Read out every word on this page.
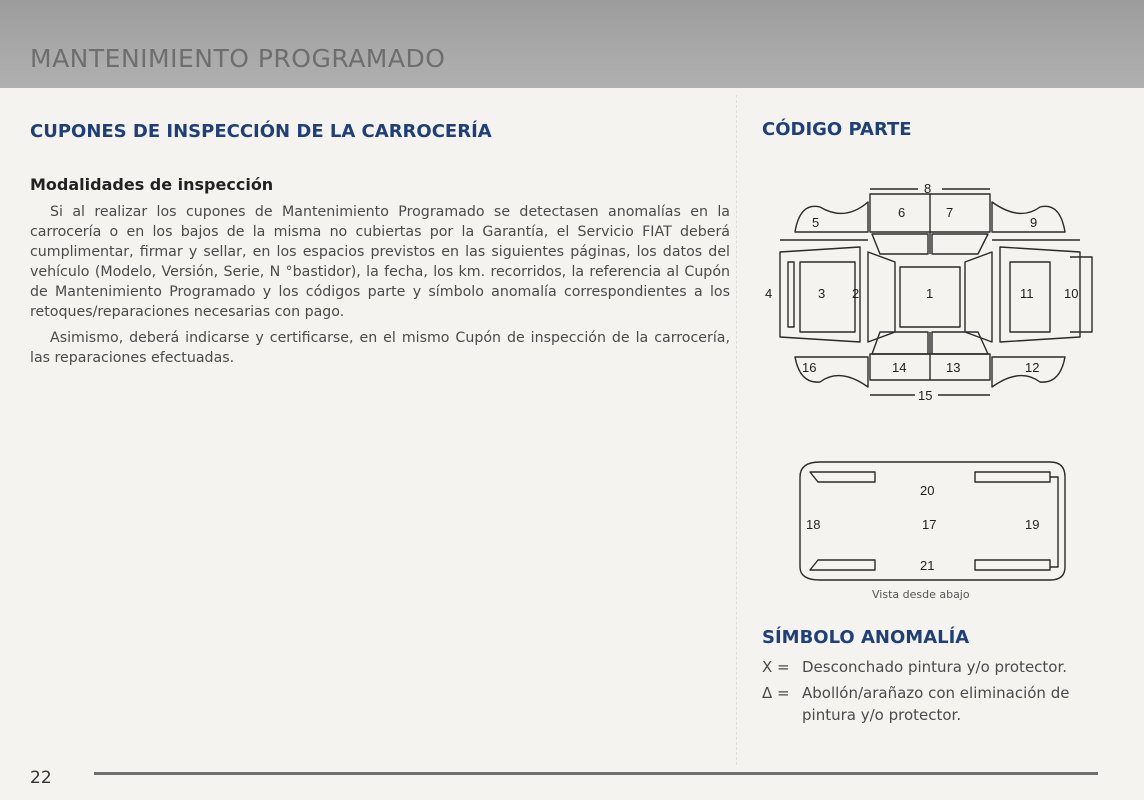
MANTENIMIENTO PROGRAMADO
CUPONES DE INSPECCIÓN DE LA CARROCERÍA
Modalidades de inspección

Si al realizar los cupones de Mantenimiento Programado se detectasen anomalías en la carrocería o en los bajos de la misma no cubiertas por la Garantía, el Servicio FIAT deberá cumplimentar, firmar y sellar, en los espacios previstos en las siguientes páginas, los datos del vehículo (Modelo, Versión, Serie, N °bastidor), la fecha, los km. recorridos, la referencia al Cupón de Mantenimiento Programado y los códigos parte y símbolo anomalía correspondientes a los retoques/reparaciones necesarias con pago.

Asimismo, deberá indicarse y certificarse, en el mismo Cupón de inspección de la carrocería, las reparaciones efectuadas.

CÓDIGO PARTE
8
6	7
5	9
4	3 2	1	11 10
16	14	13	12
15
20
18	17	19
21
Vista desde abajo
SÍMBOLO ANOMALÍA
X = Desconchado pintura y/o protector.
Δ = Abollón/arañazo con eliminación de pintura y/o protector.
22
